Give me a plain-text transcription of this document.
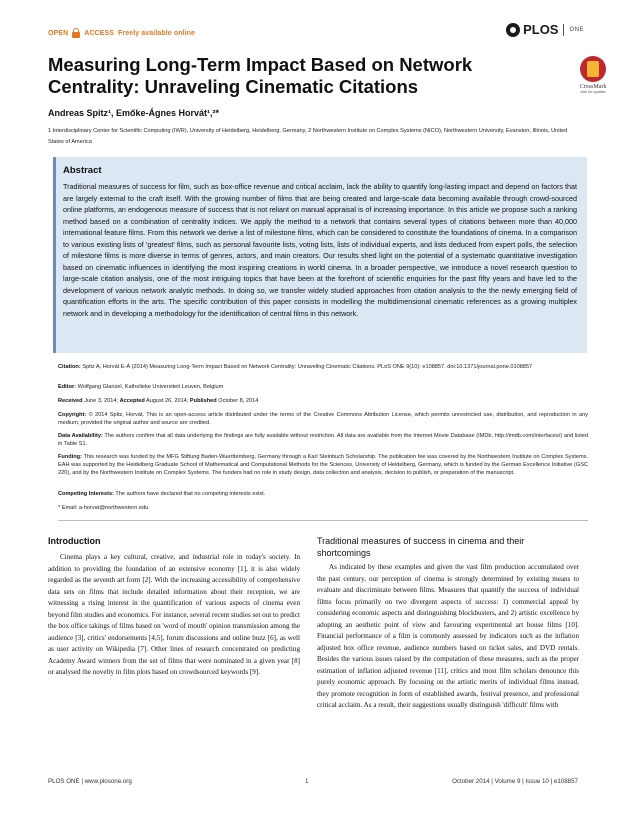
OPEN ACCESS Freely available online	PLOS ONE
Measuring Long-Term Impact Based on Network Centrality: Unraveling Cinematic Citations	CrossMark
click for updates
Andreas Spitz¹, Emőke-Ágnes Horvát¹,²*
1 Interdisciplinary Center for Scientific Computing (IWR), University of Heidelberg, Heidelberg, Germany, 2 Northwestern Institute on Complex Systems (NICO), Northwestern University, Evanston, Illinois, United States of America
Abstract
Traditional measures of success for film, such as box-office revenue and critical acclaim, lack the ability to quantify long-lasting impact and depend on factors that are largely external to the craft itself. With the growing number of films that are being created and large-scale data becoming available through crowd-sourced online platforms, an endogenous measure of success that is not reliant on manual appraisal is of increasing importance. In this article we propose such a ranking method based on a combination of centrality indices. We apply the method to a network that contains several types of citations between more than 40,000 international feature films. From this network we derive a list of milestone films, which can be considered to constitute the foundations of cinema. In a comparison to various existing lists of 'greatest' films, such as personal favourite lists, voting lists, lists of individual experts, and lists deduced from expert polls, the selection of milestone films is more diverse in terms of genres, actors, and main creators. Our results shed light on the potential of a systematic quantitative investigation based on cinematic influences in identifying the most inspiring creations in world cinema. In a broader perspective, we introduce a novel research question to large-scale citation analysis, one of the most intriguing topics that have been at the forefront of scientific enquiries for the past fifty years and have led to the development of various network analytic methods. In doing so, we transfer widely studied approaches from citation analysis to the the newly emerging field of quantification efforts in the arts. The specific contribution of this paper consists in modelling the multidimensional cinematic references as a growing multiplex network and in developing a methodology for the identification of central films in this network.
Citation: Spitz A, Horvát E-Á (2014) Measuring Long-Term Impact Based on Network Centrality: Unraveling Cinematic Citations. PLoS ONE 9(10): e108857. doi:10.1371/journal.pone.0108857
Editor: Wolfgang Glanzel, Katholieke Universiteit Leuven, Belgium
Received June 3, 2014; Accepted August 26, 2014; Published October 8, 2014
Copyright: © 2014 Spitz, Horvát. This is an open-access article distributed under the terms of the Creative Commons Attribution License, which permits unrestricted use, distribution, and reproduction in any medium, provided the original author and source are credited.
Data Availability: The authors confirm that all data underlying the findings are fully available without restriction. All data are available from the Internet Movie Database (IMDb, http://imdb.com/interfaces/) and listed in Table S1.
Funding: This research was funded by the MFG Stiftung Baden-Wuerttemberg, Germany through a Karl Steinbuch Scholarship. The publication fee was covered by the Northwestern Institute on Complex Systems. EAH was supported by the Heidelberg Graduate School of Mathematical and Computational Methods for the Sciences, University of Heidelberg, Germany, which is funded by the German Excellence Initiative (GSC 220), and by the Northwestern Institute on Complex Systems. The funders had no role in study design, data collection and analysis, decision to publish, or preparation of the manuscript.
Competing Interests: The authors have declared that no competing interests exist.
* Email: a-horvat@northwestern.edu
Introduction
Cinema plays a key cultural, creative, and industrial role in today's society. In addition to providing the foundation of an extensive economy [1], it is also widely regarded as the seventh art form [2]. With the increasing accessibility of comprehensive data sets on films that include detailed information about their reception, we are witnessing a rising interest in the quantification of various aspects of cinema even beyond film studies and economics. For instance, several recent studies set out to predict the box office takings of films based on 'word of mouth' opinion transmission among the audience [3], critics' endorsements [4,5], forum discussions and online buzz [6], as well as user activity on Wikipedia [7]. Other lines of research concentrated on predicting Academy Award winners from the set of films that were nominated in a given year [8] or analysed the novelty in film plots based on crowdsourced keywords [9].
Traditional measures of success in cinema and their shortcomings
As indicated by these examples and given the vast film production accumulated over the past century, our perception of cinema is strongly determined by existing means to evaluate and discriminate between films. Measures that quantify the success of individual films focus primarily on two divergent aspects of success: 1) commercial appeal by considering economic aspects and distinguishing blockbusters, and 2) artistic excellence by adopting an aesthetic point of view and favouring experimental art house films [10]. Financial performance of a film is commonly assessed by indicators such as the inflation adjusted box office revenue, audience numbers based on ticket sales, and DVD rentals. Besides the various issues raised by the computation of these measures, such as the proper estimation of inflation adjusted revenue [11], critics and most film scholars denounce this purely economic approach. By focusing on the artistic merits of individual films instead, they promote recognition in form of established awards, festival presence, and professional critical acclaim. As a result, their suggestions usually distinguish 'difficult' films with
PLOS ONE | www.plosone.org	1	October 2014 | Volume 9 | Issue 10 | e108857
